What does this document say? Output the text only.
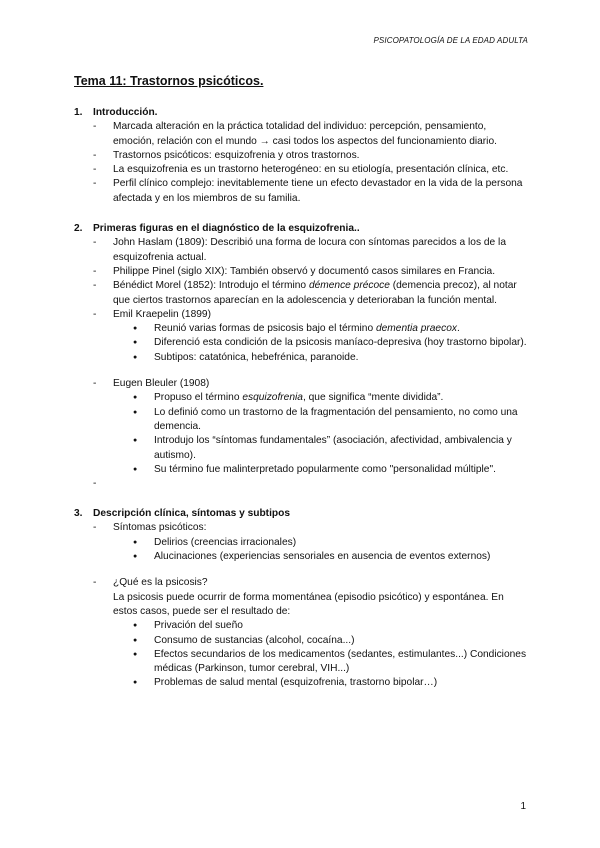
PSICOPATOLOGÍA DE LA EDAD ADULTA
Tema 11: Trastornos psicóticos.
1.	Introducción.
- Marcada alteración en la práctica totalidad del individuo: percepción, pensamiento, emoción, relación con el mundo → casi todos los aspectos del funcionamiento diario.
- Trastornos psicóticos: esquizofrenia y otros trastornos.
- La esquizofrenia es un trastorno heterogéneo: en su etiología, presentación clínica, etc.
- Perfil clínico complejo: inevitablemente tiene un efecto devastador en la vida de la persona afectada y en los miembros de su familia.
2.	Primeras figuras en el diagnóstico de la esquizofrenia..
- John Haslam (1809): Describió una forma de locura con síntomas parecidos a los de la esquizofrenia actual.
- Philippe Pinel (siglo XIX): También observó y documentó casos similares en Francia.
- Bénédict Morel (1852): Introdujo el término démence précoce (demencia precoz), al notar que ciertos trastornos aparecían en la adolescencia y deterioraban la función mental.
- Emil Kraepelin (1899)
● Reunió varias formas de psicosis bajo el término dementia praecox.
● Diferenció esta condición de la psicosis maníaco-depresiva (hoy trastorno bipolar).
● Subtipos: catatónica, hebefrénica, paranoide.
- Eugen Bleuler (1908)
● Propuso el término esquizofrenia, que significa “mente dividida”.
● Lo definió como un trastorno de la fragmentación del pensamiento, no como una demencia.
● Introdujo los “síntomas fundamentales” (asociación, afectividad, ambivalencia y autismo).
● Su término fue malinterpretado popularmente como "personalidad múltiple".
-
3.	Descripción clínica, síntomas y subtipos
- Síntomas psicóticos:
● Delirios (creencias irracionales)
● Alucinaciones (experiencias sensoriales en ausencia de eventos externos)
- ¿Qué es la psicosis?
La psicosis puede ocurrir de forma momentánea (episodio psicótico) y espontánea. En estos casos, puede ser el resultado de:
● Privación del sueño
● Consumo de sustancias (alcohol, cocaína...)
● Efectos secundarios de los medicamentos (sedantes, estimulantes...) Condiciones médicas (Parkinson, tumor cerebral, VIH...)
● Problemas de salud mental (esquizofrenia, trastorno bipolar…)
1
